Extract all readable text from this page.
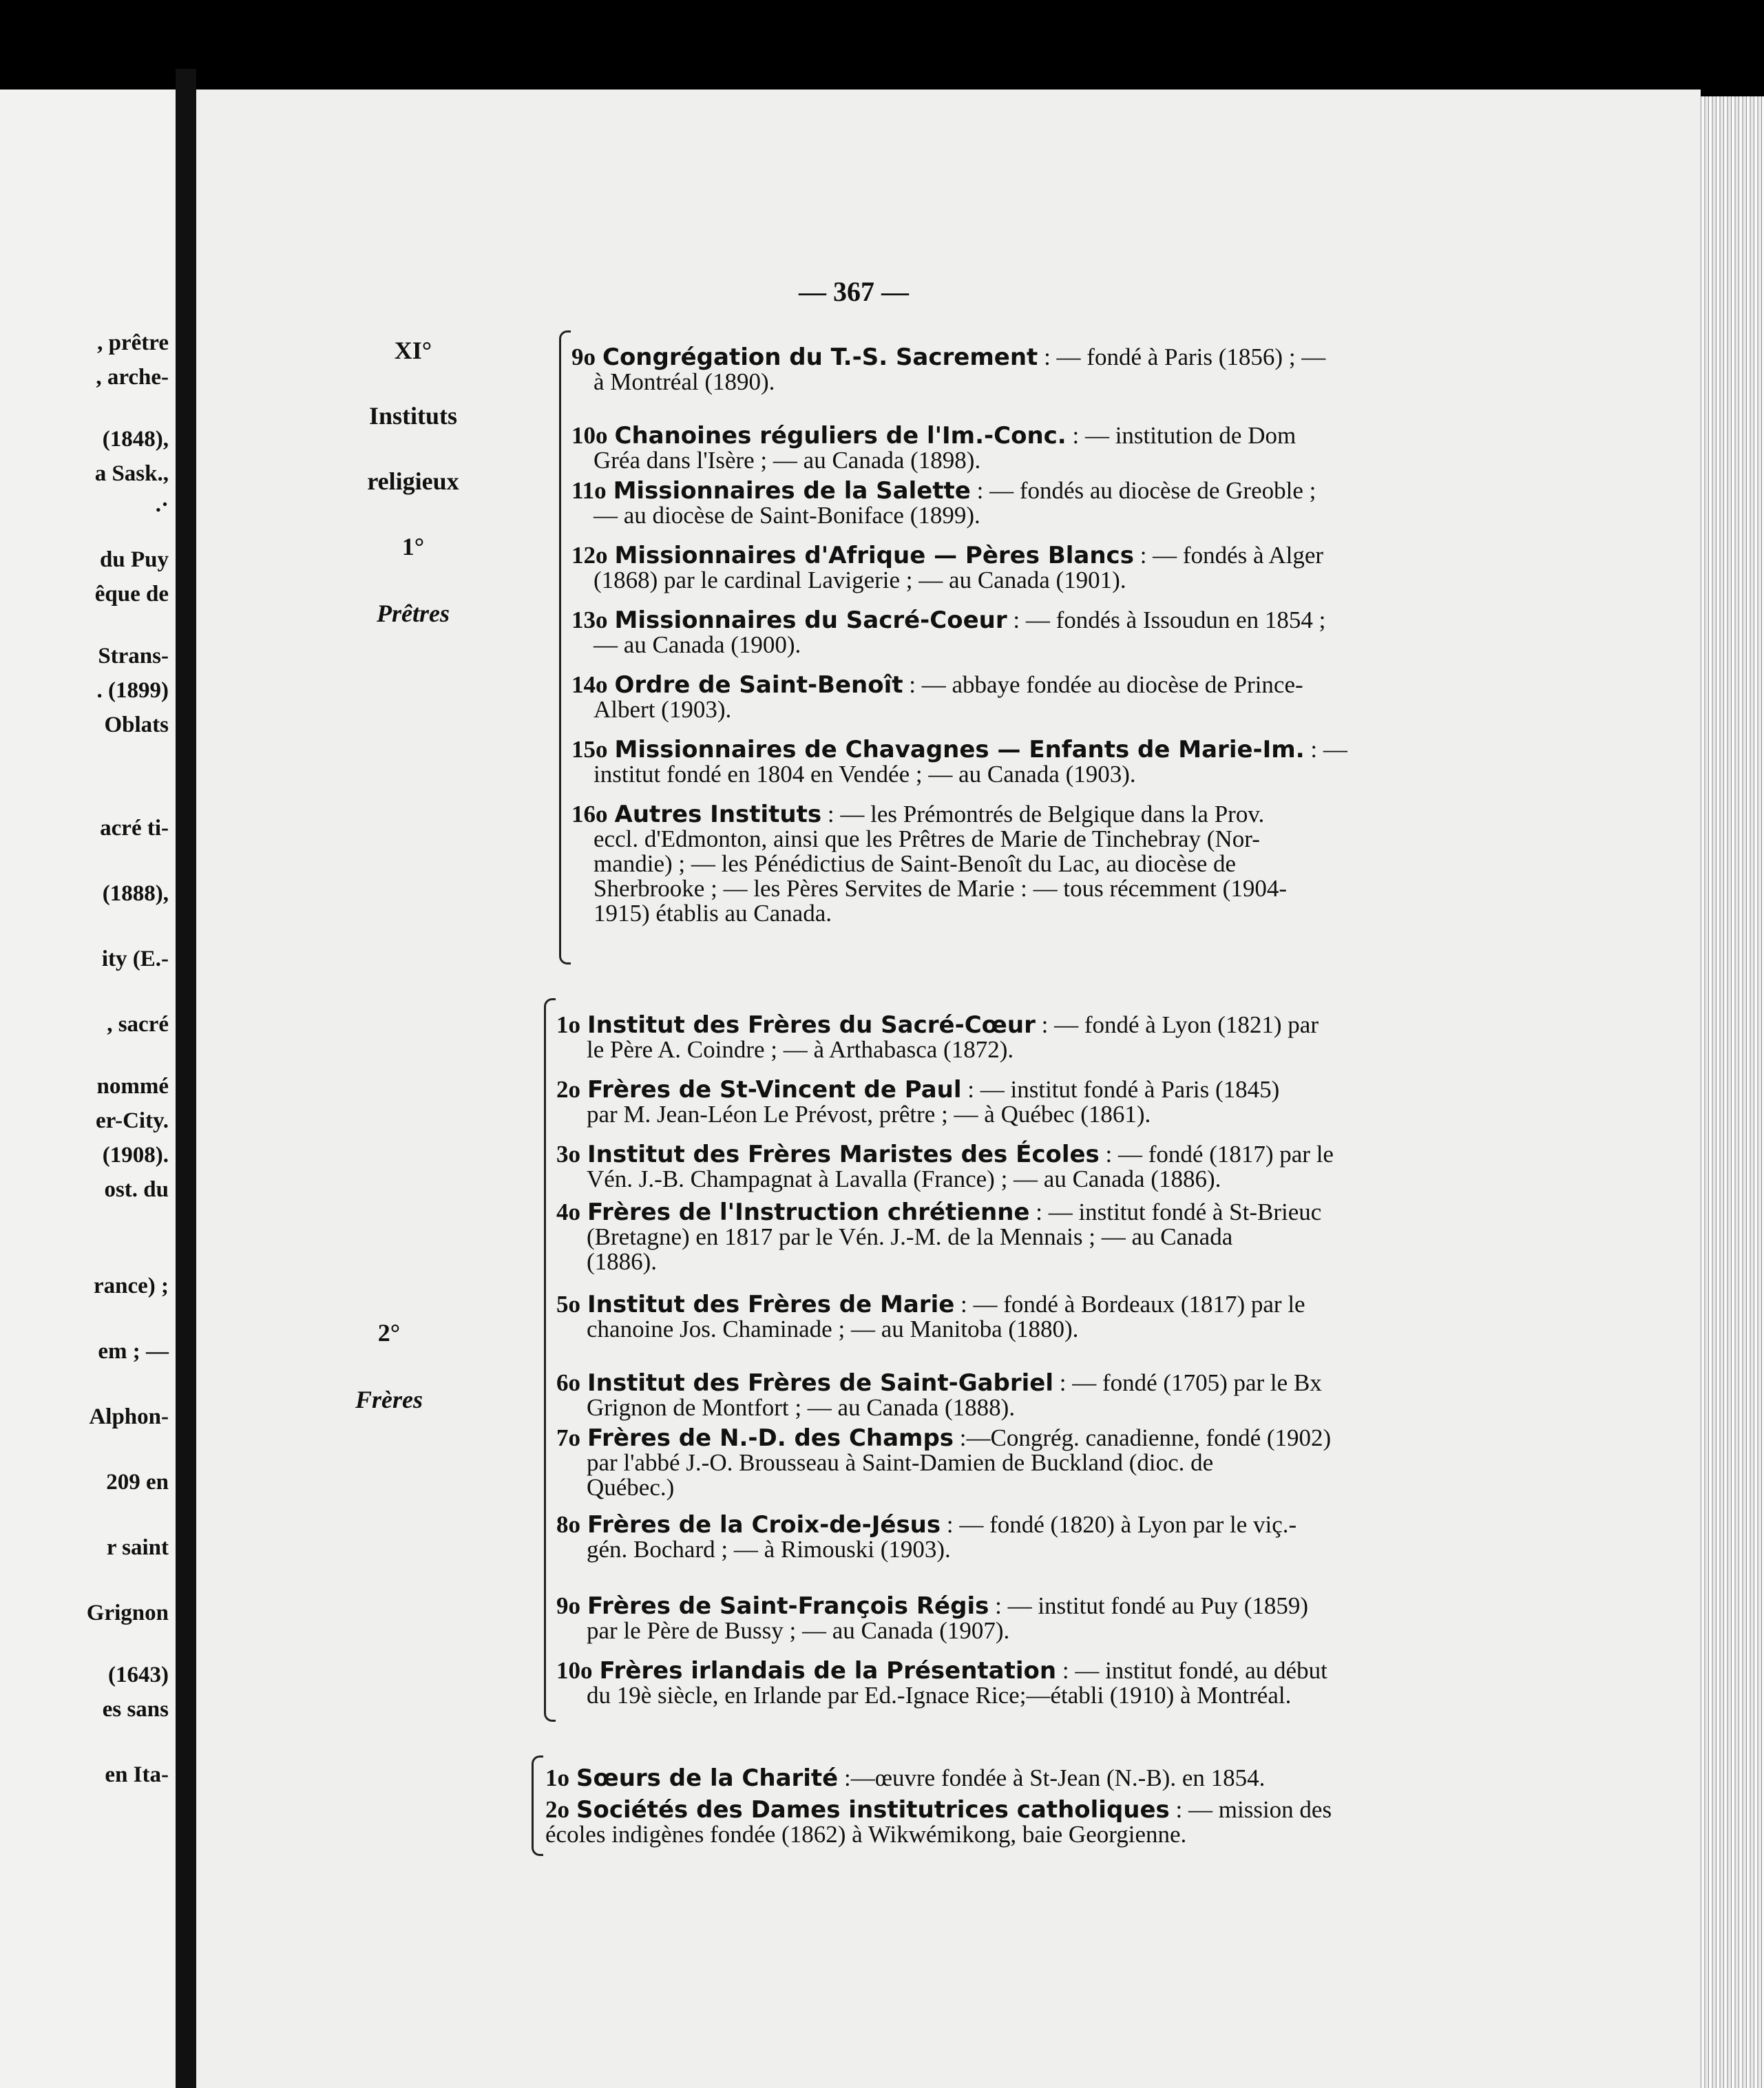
, prêtre
, arche-
(1848),
a Sask.,
.·
du Puy
êque de
Strans-
. (1899)
Oblats
acré ti-
(1888),
ity (E.-
, sacré
nommé
er-City.
(1908).
ost. du
rance) ;
em ; —
Alphon-
209 en
r saint
Grignon
(1643)
es sans
en Ita-
— 367 —
XI°
Instituts
religieux
1°
Prêtres
2°
Frères
9o Congrégation du T.-S. Sacrement : — fondé à Paris (1856) ; —
à Montréal (1890).
10o Chanoines réguliers de l'Im.-Conc. : — institution de Dom
Gréa dans l'Isère ; — au Canada (1898).
11o Missionnaires de la Salette : — fondés au diocèse de Greoble ;
— au diocèse de Saint-Boniface (1899).
12o Missionnaires d'Afrique — Pères Blancs : — fondés à Alger
(1868) par le cardinal Lavigerie ; — au Canada (1901).
13o Missionnaires du Sacré-Coeur : — fondés à Issoudun en 1854 ;
— au Canada (1900).
14o Ordre de Saint-Benoît : — abbaye fondée au diocèse de Prince-
Albert (1903).
15o Missionnaires de Chavagnes — Enfants de Marie-Im. : —
institut fondé en 1804 en Vendée ; — au Canada (1903).
16o Autres Instituts : — les Prémontrés de Belgique dans la Prov.
eccl. d'Edmonton, ainsi que les Prêtres de Marie de Tinchebray (Nor-
mandie) ; — les Pénédictius de Saint-Benoît du Lac, au diocèse de
Sherbrooke ; — les Pères Servites de Marie : — tous récemment (1904-
1915) établis au Canada.
1o Institut des Frères du Sacré-Cœur : — fondé à Lyon (1821) par
le Père A. Coindre ; — à Arthabasca (1872).
2o Frères de St-Vincent de Paul : — institut fondé à Paris (1845)
par M. Jean-Léon Le Prévost, prêtre ; — à Québec (1861).
3o Institut des Frères Maristes des Écoles : — fondé (1817) par le
Vén. J.-B. Champagnat à Lavalla (France) ; — au Canada (1886).
4o Frères de l'Instruction chrétienne : — institut fondé à St-Brieuc
(Bretagne) en 1817 par le Vén. J.-M. de la Mennais ; — au Canada
(1886).
5o Institut des Frères de Marie : — fondé à Bordeaux (1817) par le
chanoine Jos. Chaminade ; — au Manitoba (1880).
6o Institut des Frères de Saint-Gabriel : — fondé (1705) par le Bx
Grignon de Montfort ; — au Canada (1888).
7o Frères de N.-D. des Champs :—Congrég. canadienne, fondé (1902)
par l'abbé J.-O. Brousseau à Saint-Damien de Buckland (dioc. de
Québec.)
8o Frères de la Croix-de-Jésus : — fondé (1820) à Lyon par le viç.-
gén. Bochard ; — à Rimouski (1903).
9o Frères de Saint-François Régis : — institut fondé au Puy (1859)
par le Père de Bussy ; — au Canada (1907).
10o Frères irlandais de la Présentation : — institut fondé, au début
du 19è siècle, en Irlande par Ed.-Ignace Rice;—établi (1910) à Montréal.
1o Sœurs de la Charité :—œuvre fondée à St-Jean (N.-B). en 1854.
2o Sociétés des Dames institutrices catholiques : — mission des
écoles indigènes fondée (1862) à Wikwémikong, baie Georgienne.
